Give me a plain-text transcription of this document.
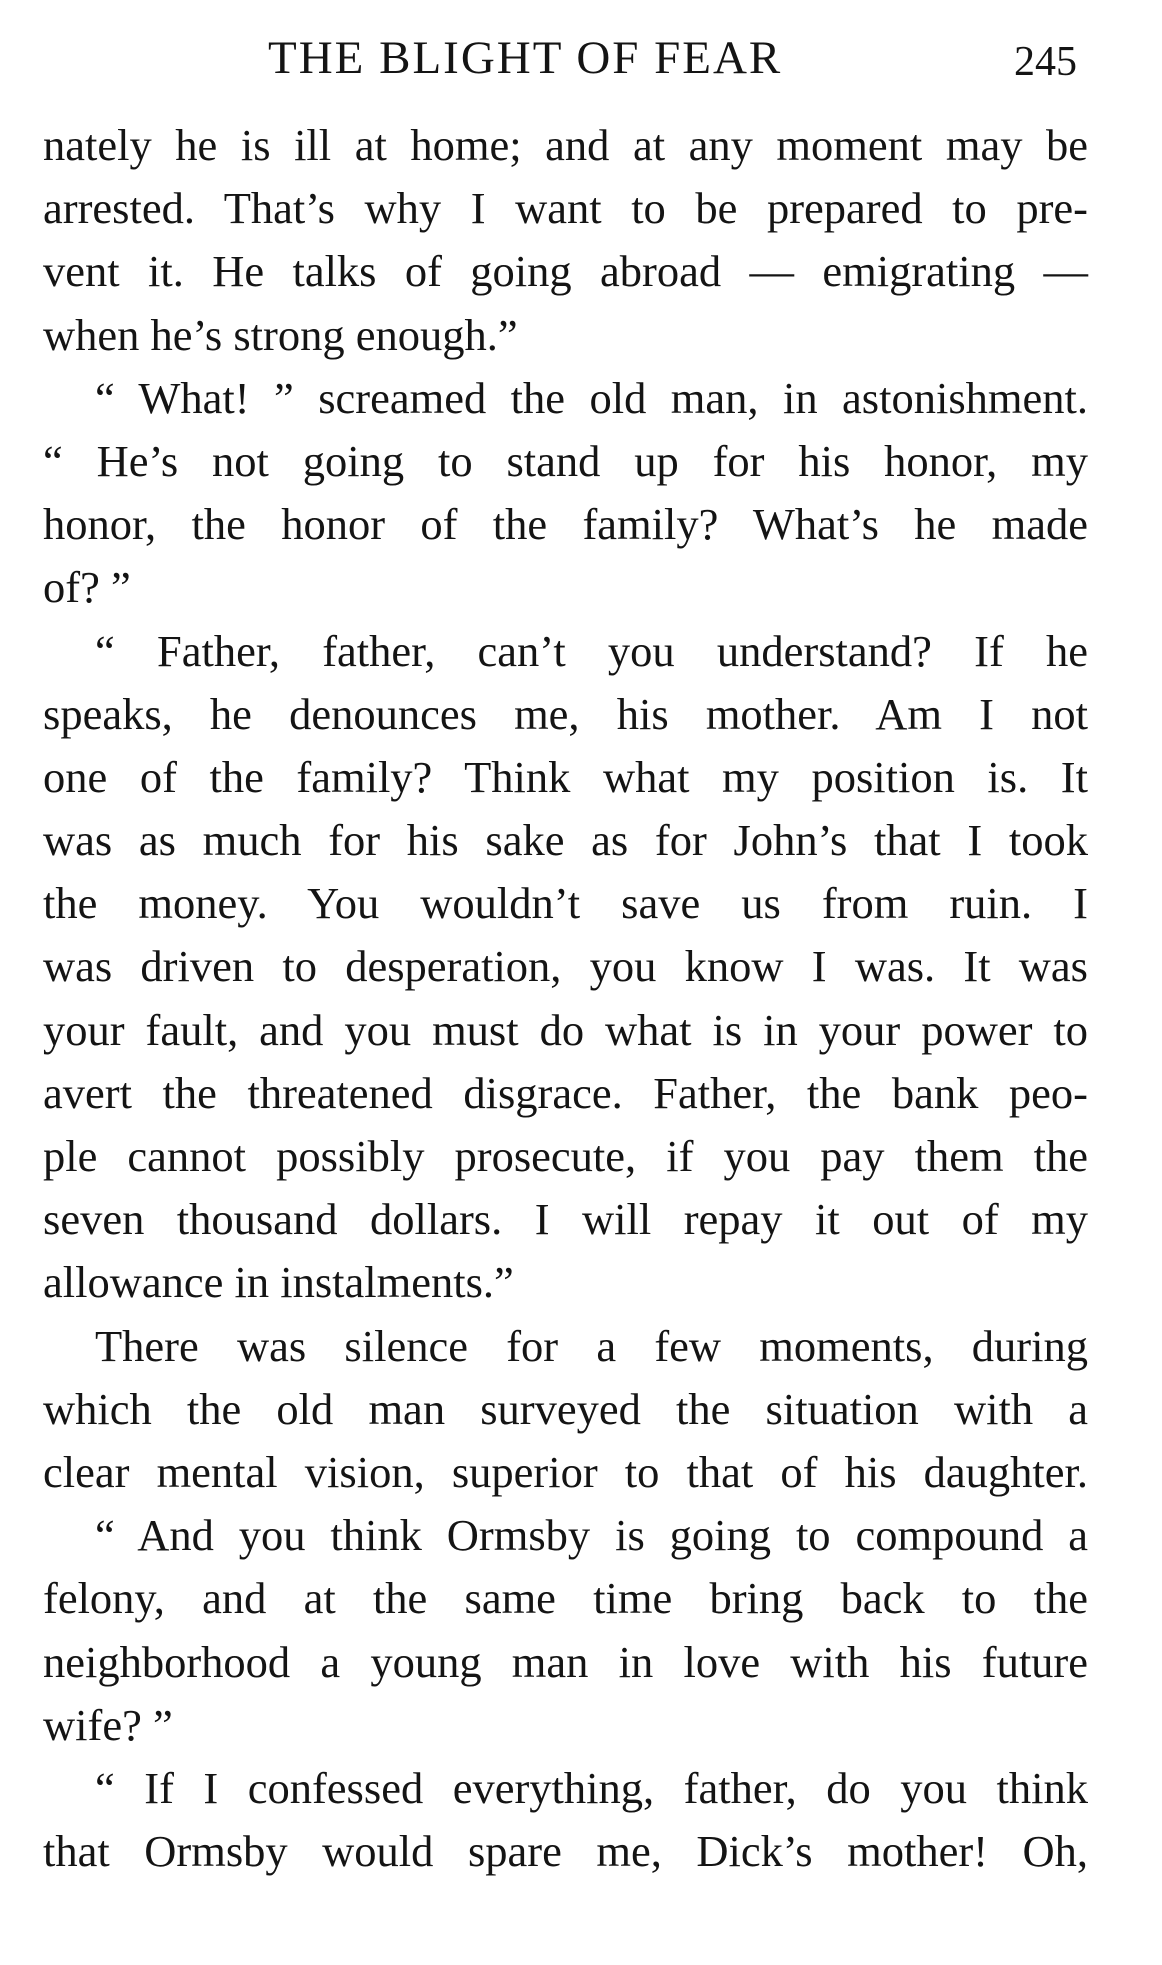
THE BLIGHT OF FEAR	245
nately he is ill at home; and at any moment may be
arrested. That’s why I want to be prepared to pre-
vent it. He talks of going abroad — emigrating —
when he’s strong enough.”
“ What! ” screamed the old man, in astonishment.
“ He’s not going to stand up for his honor, my
honor, the honor of the family? What’s he made
of? ”
“ Father, father, can’t you understand? If he
speaks, he denounces me, his mother. Am I not
one of the family? Think what my position is. It
was as much for his sake as for John’s that I took
the money. You wouldn’t save us from ruin. I
was driven to desperation, you know I was. It was
your fault, and you must do what is in your power to
avert the threatened disgrace. Father, the bank peo-
ple cannot possibly prosecute, if you pay them the
seven thousand dollars. I will repay it out of my
allowance in instalments.”
There was silence for a few moments, during
which the old man surveyed the situation with a
clear mental vision, superior to that of his daughter.
“ And you think Ormsby is going to compound a
felony, and at the same time bring back to the
neighborhood a young man in love with his future
wife? ”
“ If I confessed everything, father, do you think
that Ormsby would spare me, Dick’s mother! Oh,
